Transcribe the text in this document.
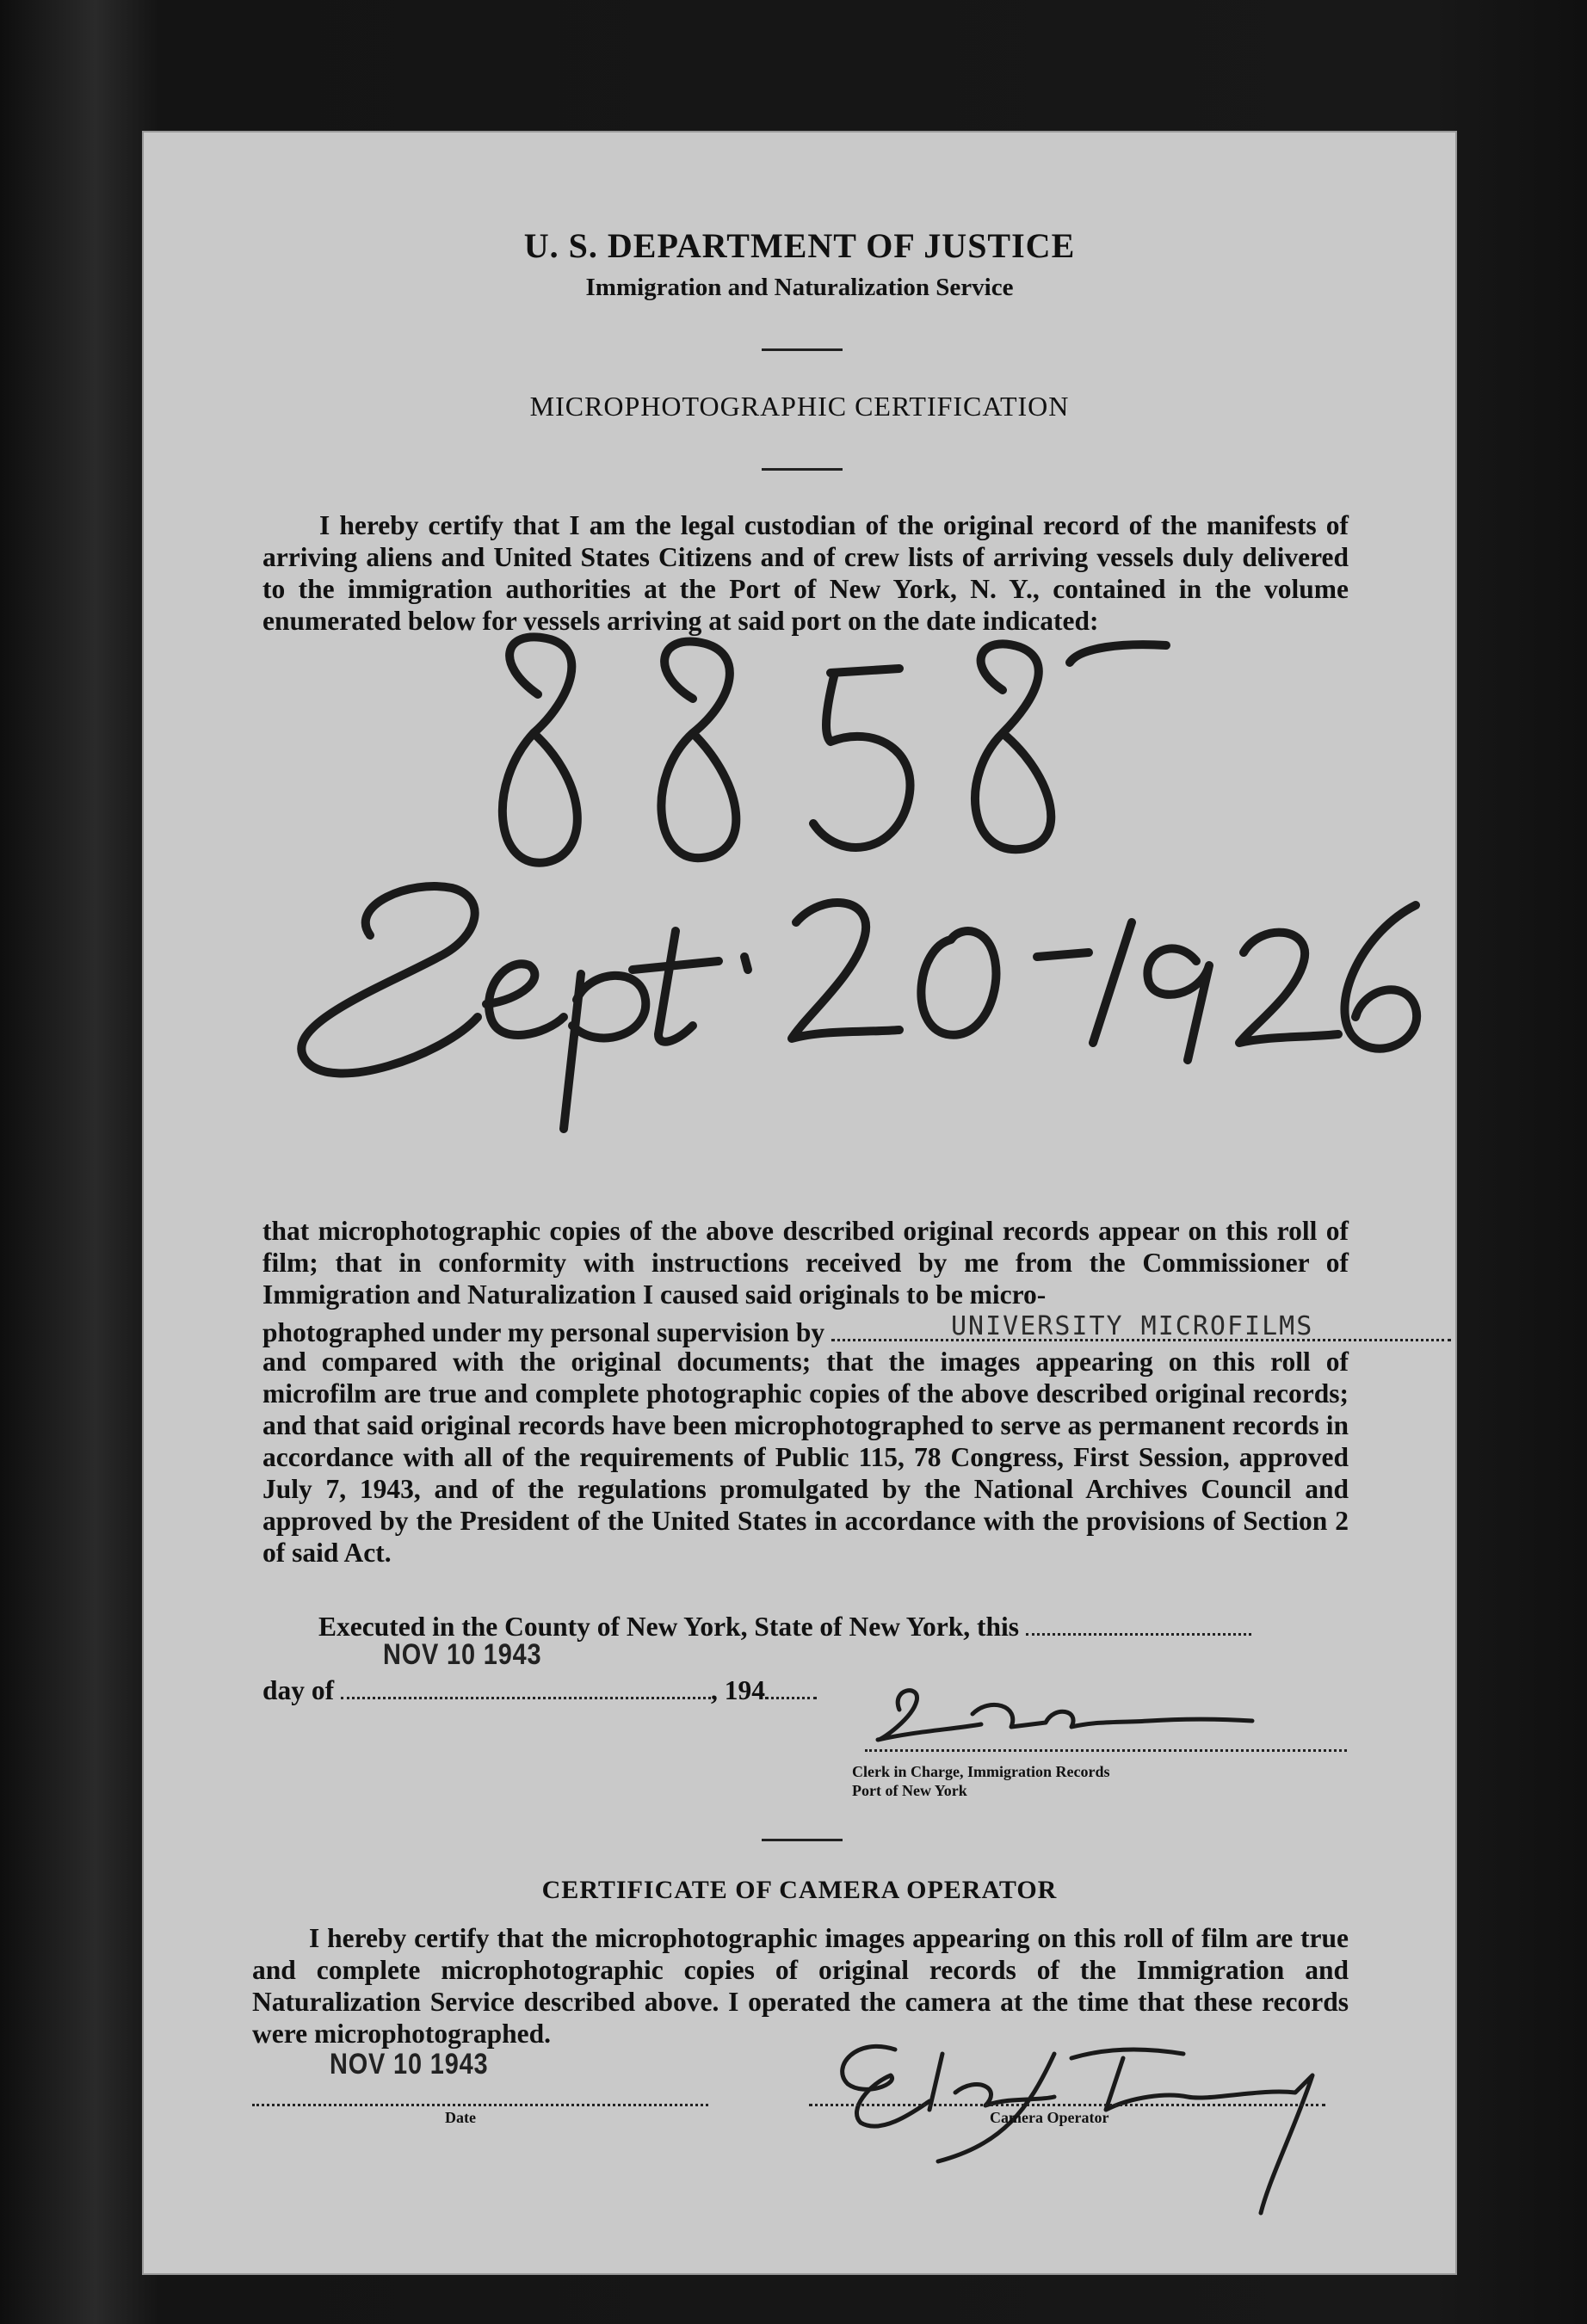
U. S. DEPARTMENT OF JUSTICE
Immigration and Naturalization Service
MICROPHOTOGRAPHIC CERTIFICATION

I hereby certify that I am the legal custodian of the original record of the manifests of arriving aliens and United States Citizens and of crew lists of arriving vessels duly delivered to the immigration authorities at the Port of New York, N. Y., contained in the volume enumerated below for vessels arriving at said port on the date indicated:

that microphotographic copies of the above described original records appear on this roll of film; that in conformity with instructions received by me from the Commissioner of Immigration and Naturalization I caused said originals to be micro-

photographed under my personal supervision by	UNIVERSITY MICROFILMS

and compared with the original documents; that the images appearing on this roll of microfilm are true and complete photographic copies of the above described original records; and that said original records have been microphotographed to serve as permanent records in accordance with all of the requirements of Public 115, 78 Congress, First Session, approved July 7, 1943, and of the regulations promulgated by the National Archives Council and approved by the President of the United States in accordance with the provisions of Section 2 of said Act.

Executed in the County of New York, State of New York, this
day of	, 194
NOV 10 1943
Clerk in Charge, Immigration Records
Port of New York
CERTIFICATE OF CAMERA OPERATOR

I hereby certify that the microphotographic images appearing on this roll of film are true and complete microphotographic copies of original records of the Immigration and Naturalization Service described above. I operated the camera at the time that these records were microphotographed.

NOV 10 1943
Date	Camera Operator
